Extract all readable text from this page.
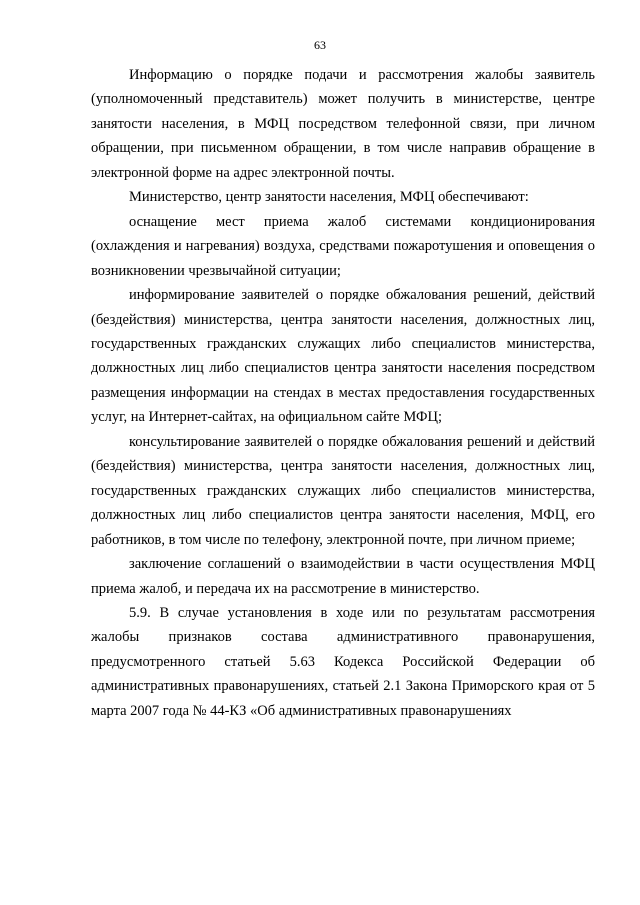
63

Информацию о порядке подачи и рассмотрения жалобы заявитель (уполномоченный представитель) может получить в министерстве, центре занятости населения, в МФЦ посредством телефонной связи, при личном обращении, при письменном обращении, в том числе направив обращение в электронной форме на адрес электронной почты.

Министерство, центр занятости населения, МФЦ обеспечивают:

оснащение мест приема жалоб системами кондиционирования (охлаждения и нагревания) воздуха, средствами пожаротушения и оповещения о возникновении чрезвычайной ситуации;

информирование заявителей о порядке обжалования решений, действий (бездействия) министерства, центра занятости населения, должностных лиц, государственных гражданских служащих либо специалистов министерства, должностных лиц либо специалистов центра занятости населения посредством размещения информации на стендах в местах предоставления государственных услуг, на Интернет-сайтах, на официальном сайте МФЦ;

консультирование заявителей о порядке обжалования решений и действий (бездействия) министерства, центра занятости населения, должностных лиц, государственных гражданских служащих либо специалистов министерства, должностных лиц либо специалистов центра занятости населения, МФЦ, его работников, в том числе по телефону, электронной почте, при личном приеме;

заключение соглашений о взаимодействии в части осуществления МФЦ приема жалоб, и передача их на рассмотрение в министерство.

5.9. В случае установления в ходе или по результатам рассмотрения жалобы признаков состава административного правонарушения, предусмотренного статьей 5.63 Кодекса Российской Федерации об административных правонарушениях, статьей 2.1 Закона Приморского края от 5 марта 2007 года № 44-КЗ «Об административных правонарушениях
